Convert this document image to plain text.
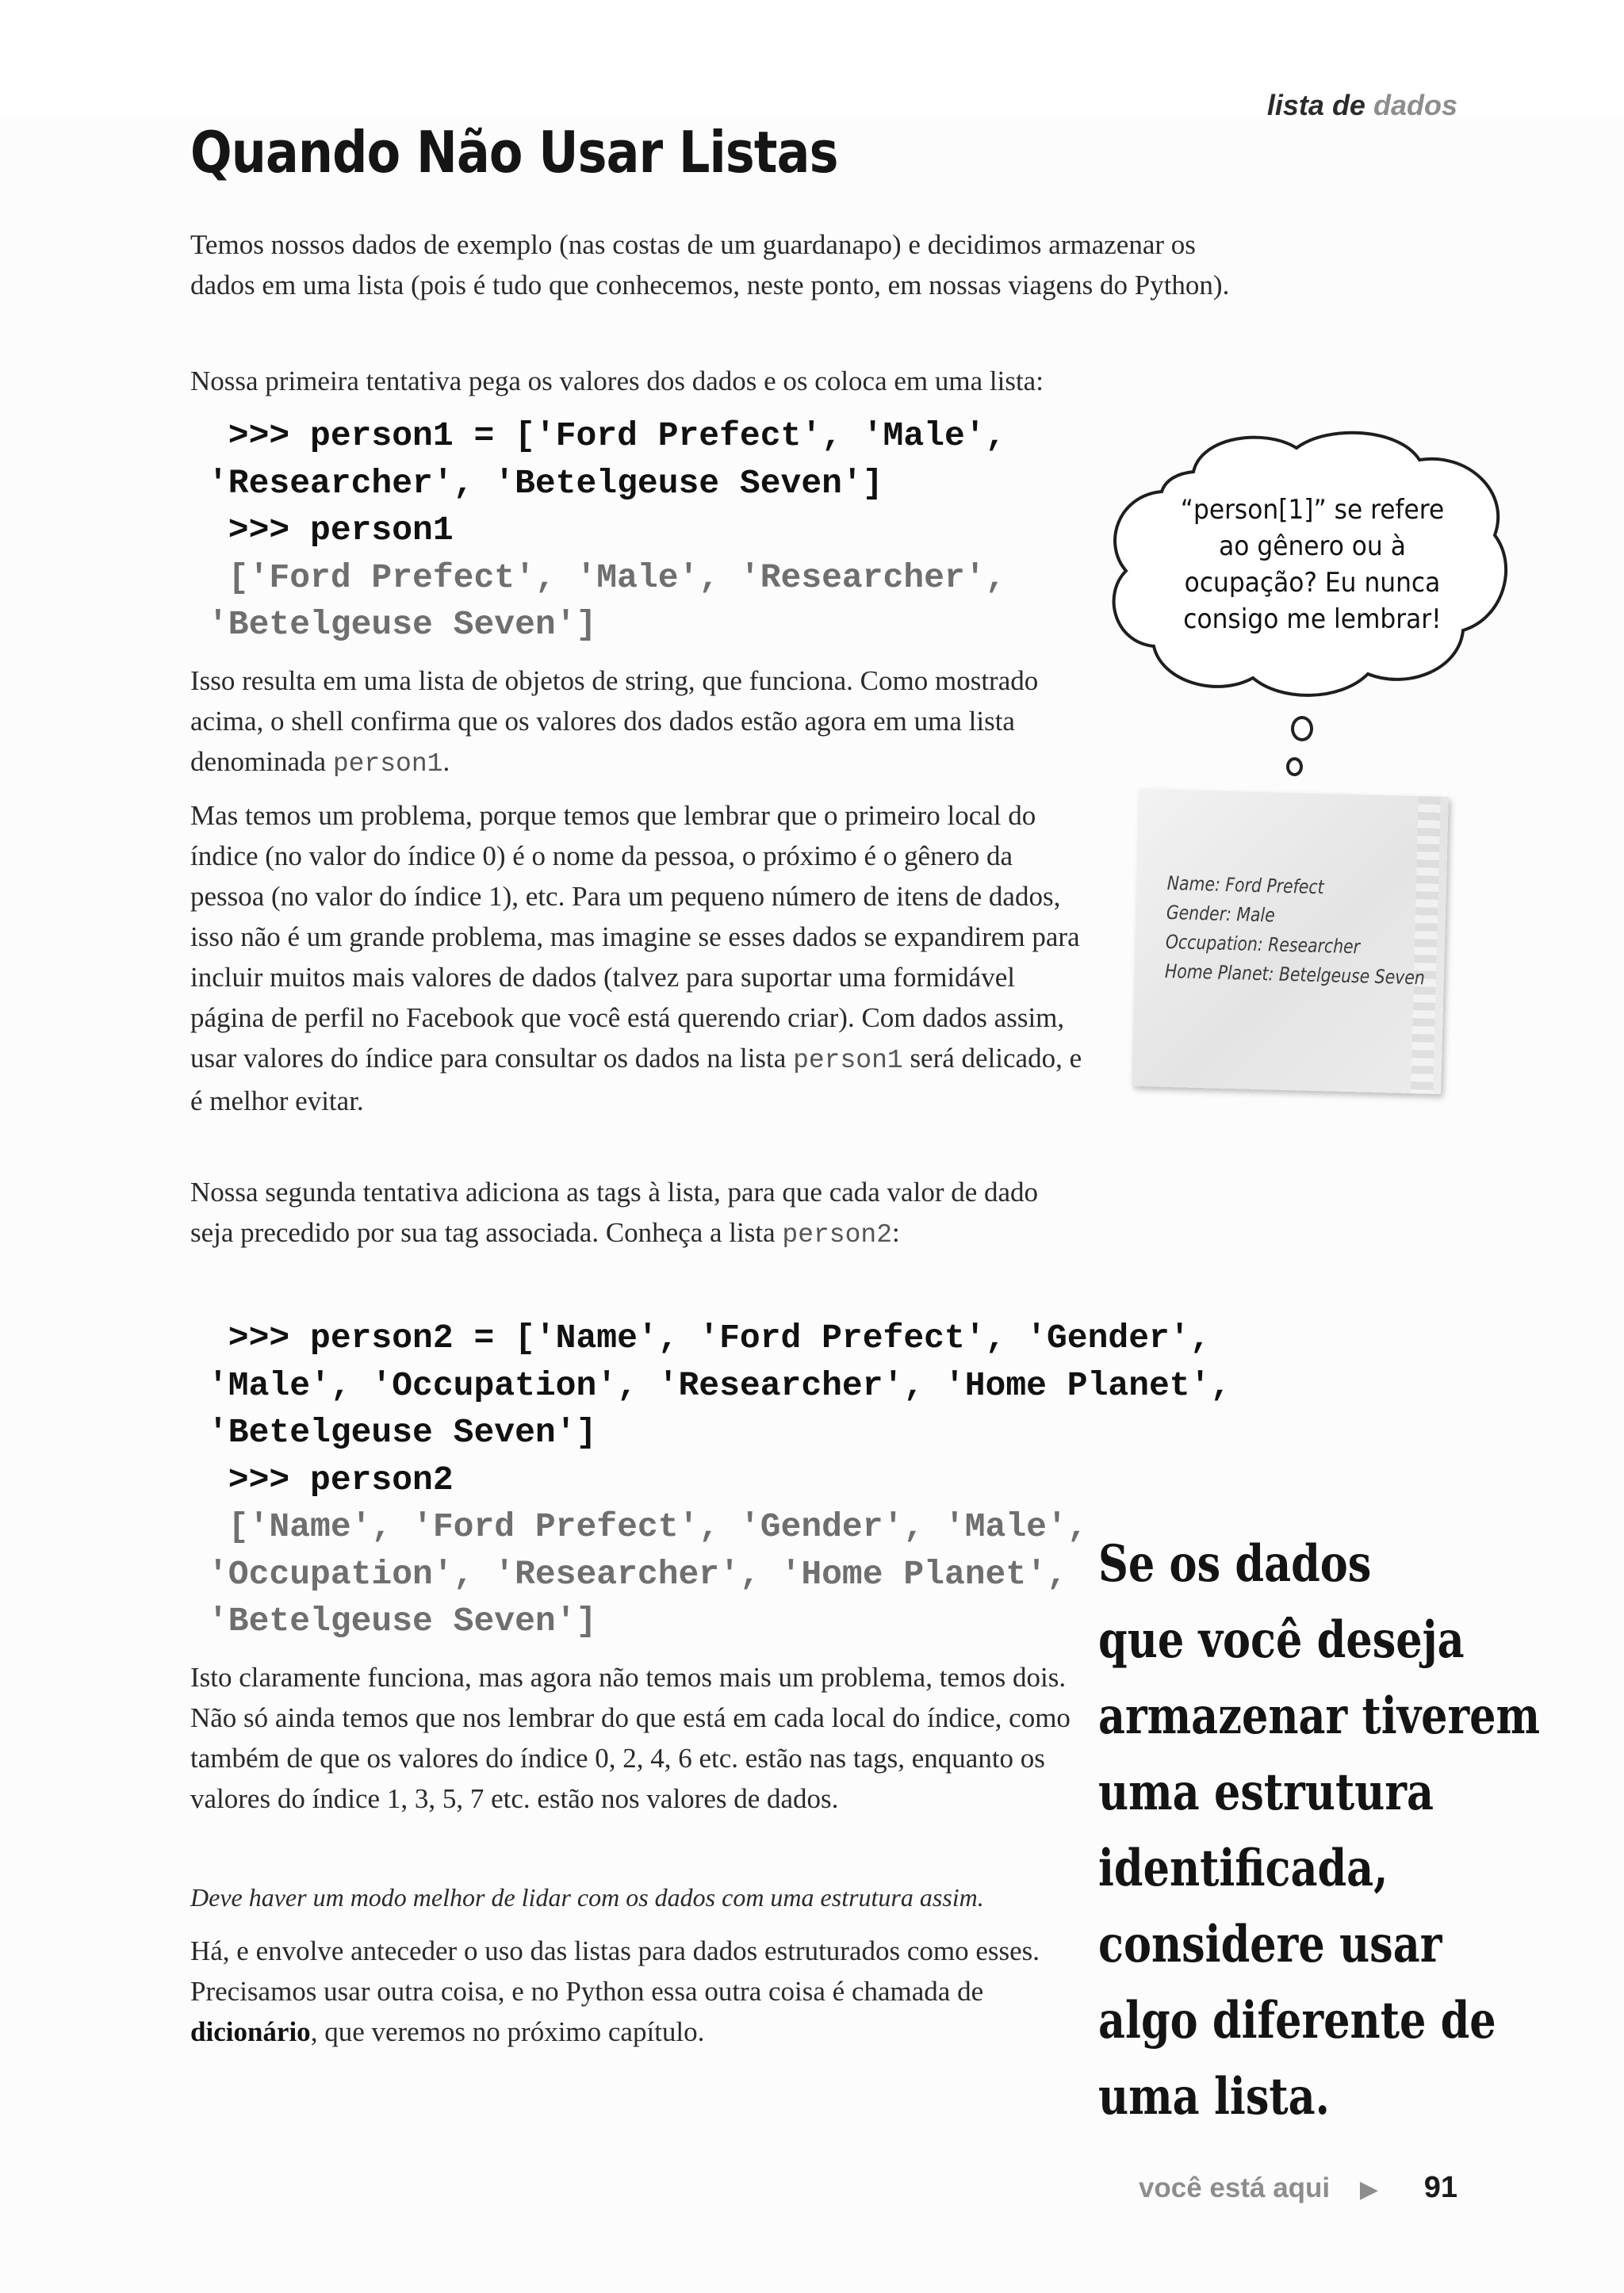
lista de dados
Quando Não Usar Listas

Temos nossos dados de exemplo (nas costas de um guardanapo) e decidimos armazenar os dados em uma lista (pois é tudo que conhecemos, neste ponto, em nossas viagens do Python).

Nossa primeira tentativa pega os valores dos dados e os coloca em uma lista:

>>> person1 = ['Ford Prefect', 'Male',
'Researcher', 'Betelgeuse Seven']
>>> person1
['Ford Prefect', 'Male', 'Researcher',
'Betelgeuse Seven']

Isso resulta em uma lista de objetos de string, que funciona. Como mostrado acima, o shell confirma que os valores dos dados estão agora em uma lista denominada person1.

Mas temos um problema, porque temos que lembrar que o primeiro local do índice (no valor do índice 0) é o nome da pessoa, o próximo é o gênero da pessoa (no valor do índice 1), etc. Para um pequeno número de itens de dados, isso não é um grande problema, mas imagine se esses dados se expandirem para incluir muitos mais valores de dados (talvez para suportar uma formidável página de perfil no Facebook que você está querendo criar). Com dados assim, usar valores do índice para consultar os dados na lista person1 será delicado, e é melhor evitar.

Nossa segunda tentativa adiciona as tags à lista, para que cada valor de dado seja precedido por sua tag associada. Conheça a lista person2:

>>> person2 = ['Name', 'Ford Prefect', 'Gender',
'Male', 'Occupation', 'Researcher', 'Home Planet',
'Betelgeuse Seven']
>>> person2
['Name', 'Ford Prefect', 'Gender', 'Male',
'Occupation', 'Researcher', 'Home Planet',
'Betelgeuse Seven']

Isto claramente funciona, mas agora não temos mais um problema, temos dois. Não só ainda temos que nos lembrar do que está em cada local do índice, como também de que os valores do índice 0, 2, 4, 6 etc. estão nas tags, enquanto os valores do índice 1, 3, 5, 7 etc. estão nos valores de dados.

Deve haver um modo melhor de lidar com os dados com uma estrutura assim.

Há, e envolve anteceder o uso das listas para dados estruturados como esses. Precisamos usar outra coisa, e no Python essa outra coisa é chamada de dicionário, que veremos no próximo capítulo.

“person[1]” se refere
ao gênero ou à
ocupação? Eu nunca
consigo me lembrar!
Name: Ford Prefect
Gender: Male
Occupation: Researcher
Home Planet: Betelgeuse Seven
Se os dados
que você deseja
armazenar tiverem
uma estrutura
identificada,
considere usar
algo diferente de
uma lista.
você está aqui ▶ 91
